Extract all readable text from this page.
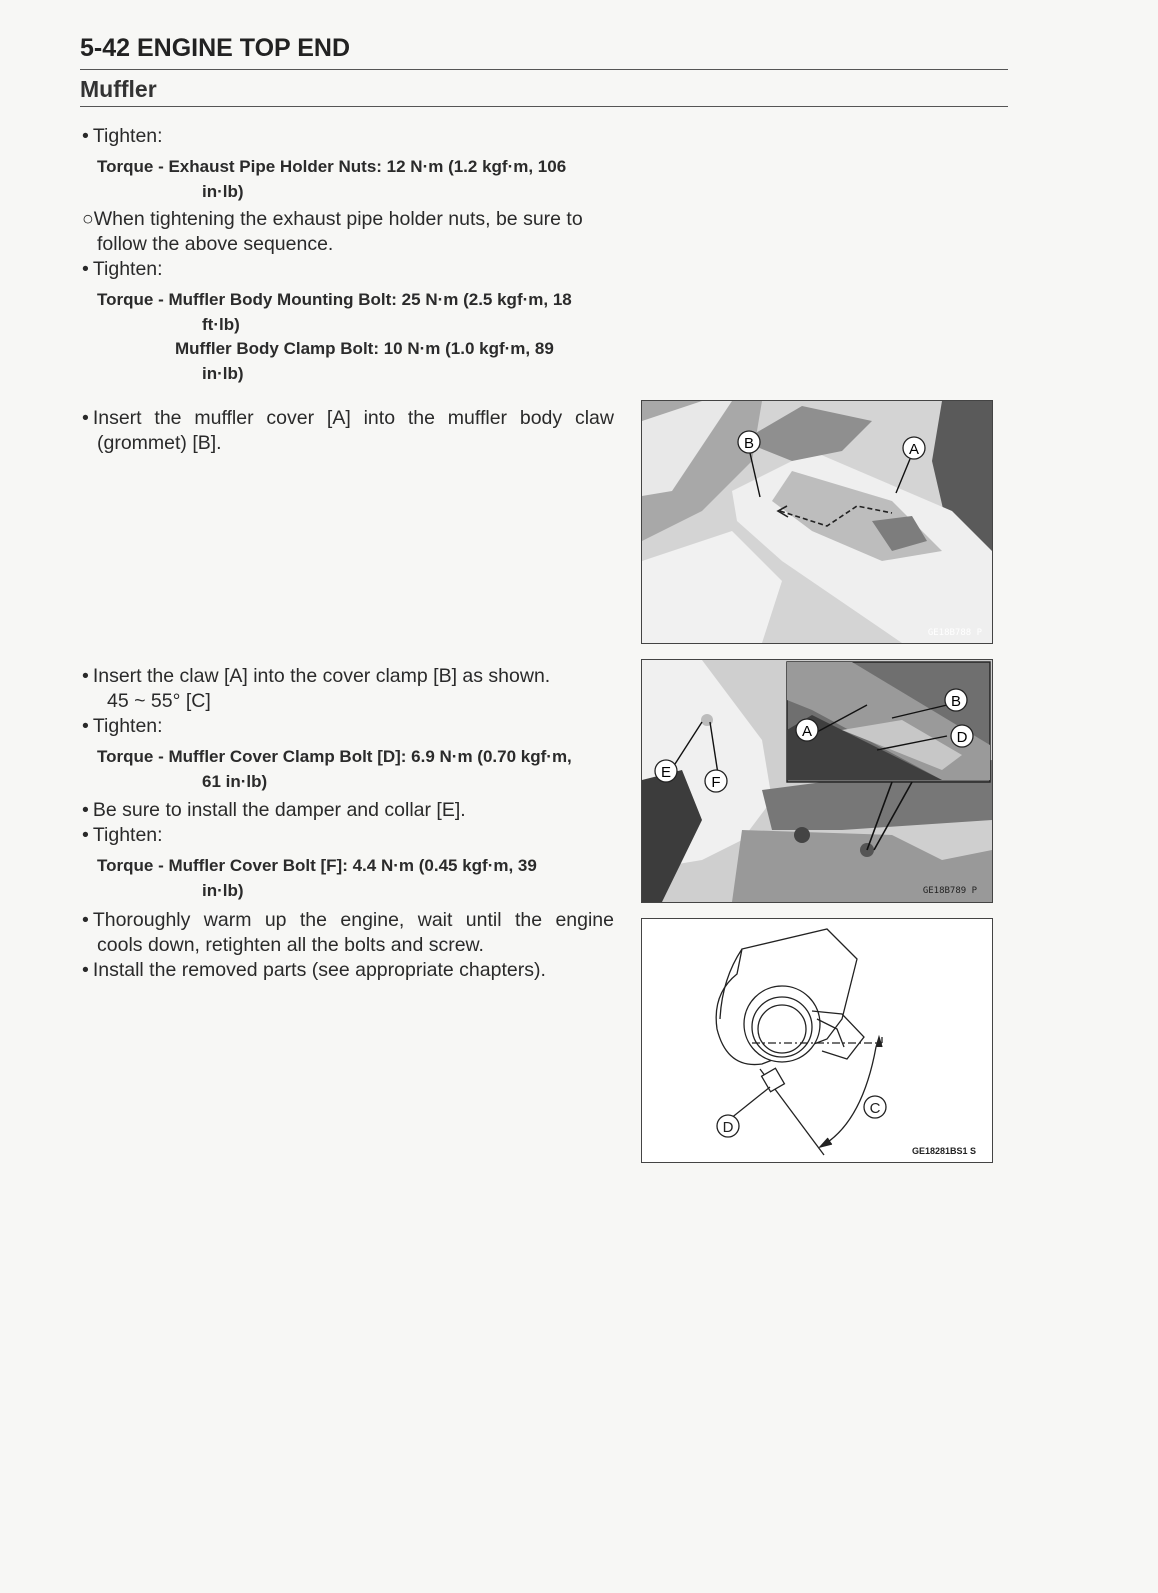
5-42 ENGINE TOP END
Muffler
• Tighten:
Torque - Exhaust Pipe Holder Nuts: 12 N·m (1.2 kgf·m, 106
in·lb)
○When tightening the exhaust pipe holder nuts, be sure to
follow the above sequence.
• Tighten:
Torque - Muffler Body Mounting Bolt: 25 N·m (2.5 kgf·m, 18
ft·lb)
Muffler Body Clamp Bolt: 10 N·m (1.0 kgf·m, 89
in·lb)
• Insert the muffler cover [A] into the muffler body claw
(grommet) [B].
• Insert the claw [A] into the cover clamp [B] as shown.
45 ~ 55° [C]
• Tighten:
Torque - Muffler Cover Clamp Bolt [D]: 6.9 N·m (0.70 kgf·m,
61 in·lb)
• Be sure to install the damper and collar [E].
• Tighten:
Torque - Muffler Cover Bolt [F]: 4.4 N·m (0.45 kgf·m, 39
in·lb)
• Thoroughly warm up the engine, wait until the engine
cools down, retighten all the bolts and screw.
• Install the removed parts (see appropriate chapters).
B	A
GE18B788 P
A
B
D
E
F
GE18B789 P
D
C
GE18281BS1 S
